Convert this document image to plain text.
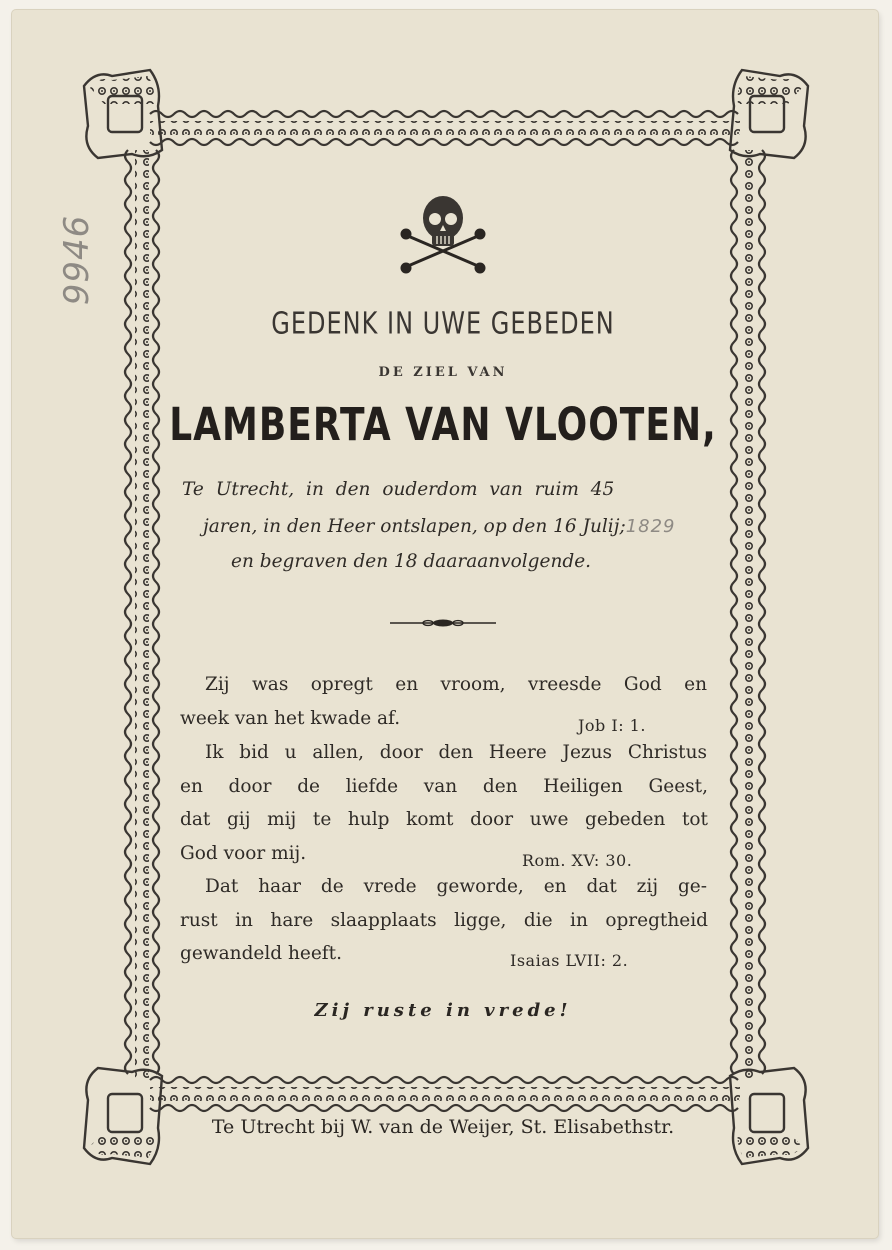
9946
GEDENK IN UWE GEBEDEN
DE ZIEL VAN
LAMBERTA VAN VLOOTEN,
Te Utrecht, in den ouderdom van ruim 45
jaren, in den Heer ontslapen, op den 16 Julij;1829
en begraven den 18 daaraanvolgende.
Zij was opregt en vroom, vreesde God en
week van het kwade af.	Job I: 1.
Ik bid u allen, door den Heere Jezus Christus
en door de liefde van den Heiligen Geest,
dat gij mij te hulp komt door uwe gebeden tot
God voor mij.	Rom. XV: 30.
Dat haar de vrede geworde, en dat zij ge-
rust in hare slaapplaats ligge, die in opregtheid
gewandeld heeft.	Isaias LVII: 2.
Zij ruste in vrede!
Te Utrecht bij W. van de Weijer, St. Elisabethstr.
